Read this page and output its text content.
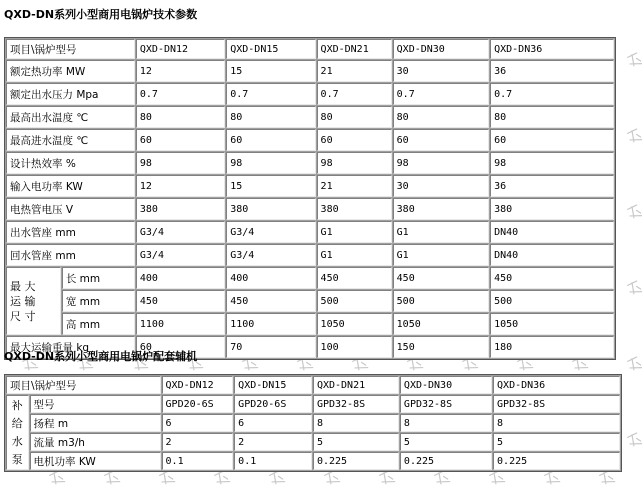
QXD-DN系列小型商用电锅炉技术参数
项目\锅炉型号		QXD-DN12	QXD-DN15	QXD-DN21	QXD-DN30	QXD-DN36
额定热功率 MW		12	15	21	30	36
额定出水压力 Mpa		0.7	0.7	0.7	0.7	0.7
最高出水温度 ℃		80	80	80	80	80
最高进水温度 ℃		60	60	60	60	60
设计热效率 %		98	98	98	98	98
输入电功率 KW		12	15	21	30	36
电热管电压 V		380	380	380	380	380
出水管座 mm		G3/4	G3/4	G1	G1	DN40
回水管座 mm		G3/4	G3/4	G1	G1	DN40

最 大
运 输
尺 寸	长 mm	400	400	450	450	450
	宽 mm	450	450	500	500	500
	高 mm	1100	1100	1050	1050	1050
最大运输重量 kg		60	70	100	150	180
QXD-DN系列小型商用电锅炉配套辅机
项目\锅炉型号		QXD-DN12	QXD-DN15	QXD-DN21	QXD-DN30	QXD-DN36
补
给
水
泵	型号	GPD20-6S	GPD20-6S	GPD32-8S	GPD32-8S	GPD32-8S
	扬程 m	6	6	8	8	8
	流量 m3/h	2	2	5	5	5
	电机功率 KW	0.1	0.1	0.225	0.225	0.225
